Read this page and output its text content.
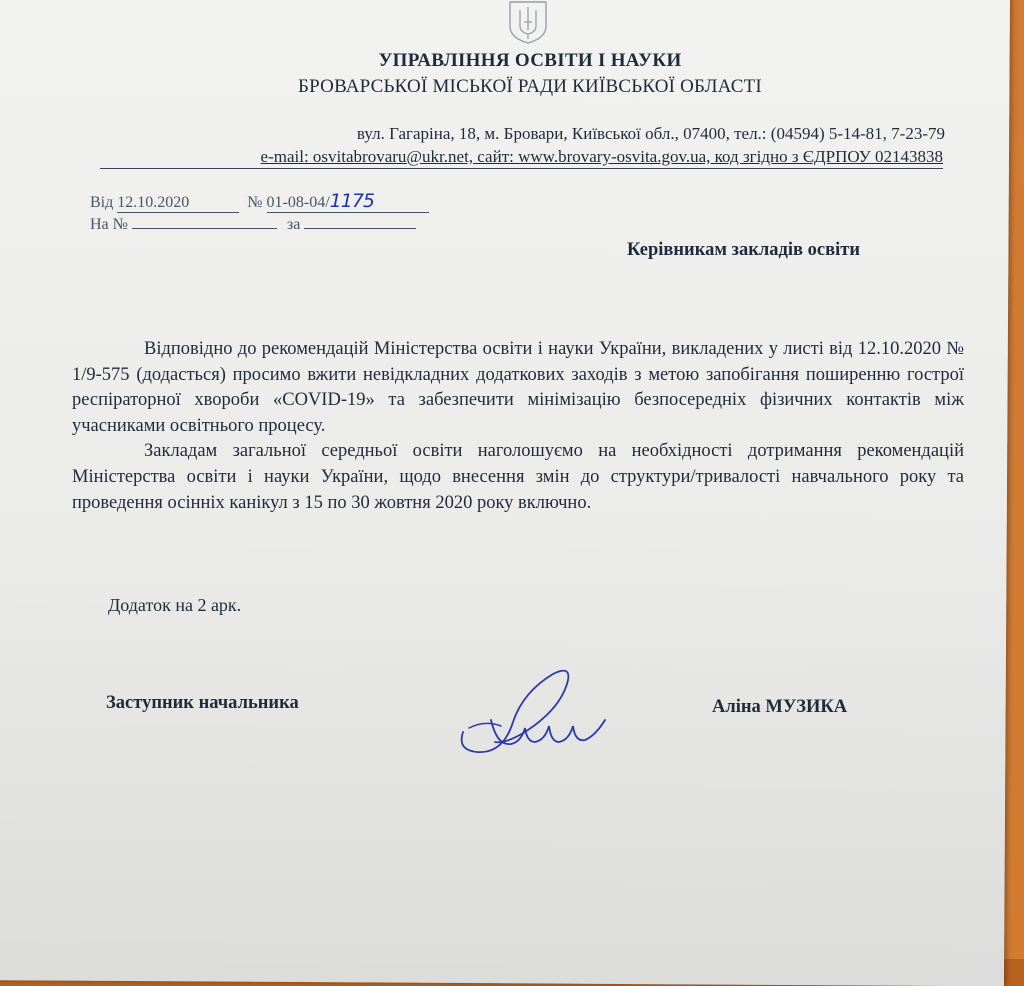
УПРАВЛІННЯ ОСВІТИ І НАУКИ
БРОВАРСЬКОЇ МІСЬКОЇ РАДИ КИЇВСЬКОЇ ОБЛАСТІ
вул. Гагаріна, 18, м. Бровари, Київської обл., 07400, тел.: (04594) 5-14-81, 7-23-79
e-mail: osvitabrovaru@ukr.net, сайт: www.brovary-osvita.gov.ua, код згідно з ЄДРПОУ 02143838
Від 12.10.2020	№ 01-08-04/1175
На №	за
Керівникам закладів освіти

Відповідно до рекомендацій Міністерства освіти і науки України, викладених у листі від 12.10.2020 № 1/9-575 (додасться) просимо вжити невідкладних додаткових заходів з метою запобігання поширенню гострої респіраторної хвороби «COVID-19» та забезпечити мінімізацію безпосередніх фізичних контактів між учасниками освітнього процесу.

Закладам загальної середньої освіти наголошуємо на необхідності дотримання рекомендацій Міністерства освіти і науки України, щодо внесення змін до структури/тривалості навчального року та проведення осінніх канікул з 15 по 30 жовтня 2020 року включно.

Додаток на 2 арк.
Заступник начальника	Аліна МУЗИКА
